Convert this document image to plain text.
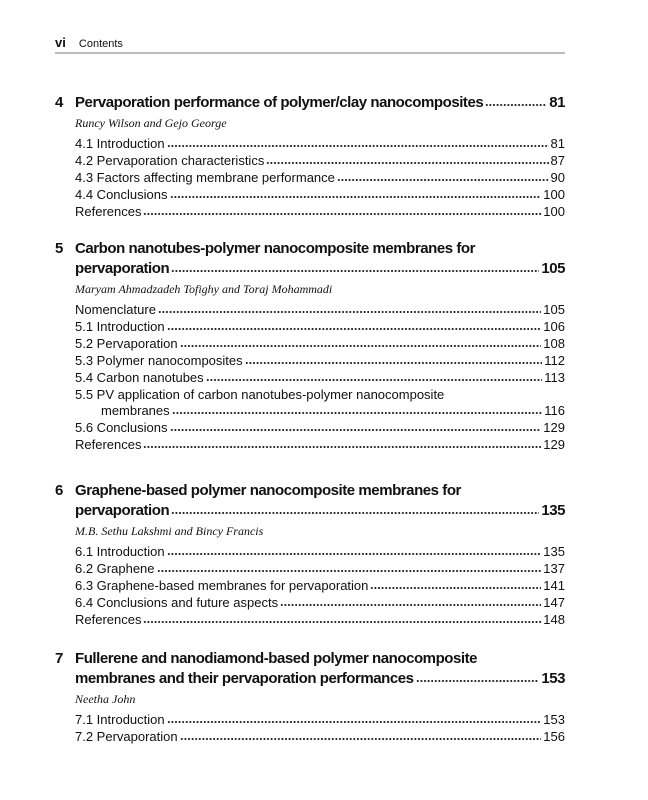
vi Contents
4 Pervaporation performance of polymer/clay nanocomposites	81
Runcy Wilson and Gejo George
4.1 Introduction	81
4.2 Pervaporation characteristics	87
4.3 Factors affecting membrane performance	90
4.4 Conclusions	100
References	100
5 Carbon nanotubes-polymer nanocomposite membranes for
pervaporation	105
Maryam Ahmadzadeh Tofighy and Toraj Mohammadi
Nomenclature	105
5.1 Introduction	106
5.2 Pervaporation	108
5.3 Polymer nanocomposites	112
5.4 Carbon nanotubes	113
5.5 PV application of carbon nanotubes-polymer nanocomposite
membranes	116
5.6 Conclusions	129
References	129
6 Graphene-based polymer nanocomposite membranes for
pervaporation	135
M.B. Sethu Lakshmi and Bincy Francis
6.1 Introduction	135
6.2 Graphene	137
6.3 Graphene-based membranes for pervaporation	141
6.4 Conclusions and future aspects	147
References	148
7 Fullerene and nanodiamond-based polymer nanocomposite
membranes and their pervaporation performances	153
Neetha John
7.1 Introduction	153
7.2 Pervaporation	156
